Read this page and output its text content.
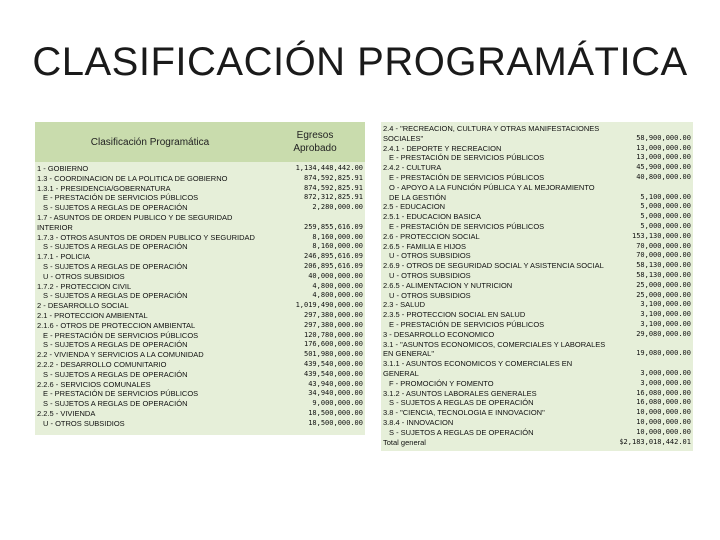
CLASIFICACIÓN PROGRAMÁTICA
Clasificación Programática
Egresos
Aprobado
1 - GOBIERNO	1,134,448,442.00
1.3 - COORDINACION DE LA POLITICA DE GOBIERNO	874,592,825.91
1.3.1 - PRESIDENCIA/GOBERNATURA	874,592,825.91
E - PRESTACIÓN DE SERVICIOS PÚBLICOS	872,312,825.91
S - SUJETOS A REGLAS DE OPERACIÓN	2,280,000.00
1.7 - ASUNTOS DE ORDEN PUBLICO Y DE SEGURIDAD
INTERIOR	259,855,616.09
1.7.3 - OTROS ASUNTOS DE ORDEN PUBLICO Y SEGURIDAD	8,160,000.00
S - SUJETOS A REGLAS DE OPERACIÓN	8,160,000.00
1.7.1 - POLICIA	246,895,616.09
S - SUJETOS A REGLAS DE OPERACIÓN	206,895,616.09
U - OTROS SUBSIDIOS	40,000,000.00
1.7.2 - PROTECCION CIVIL	4,800,000.00
S - SUJETOS A REGLAS DE OPERACIÓN	4,800,000.00
2 - DESARROLLO SOCIAL	1,019,490,000.00
2.1 - PROTECCION AMBIENTAL	297,380,000.00
2.1.6 - OTROS DE PROTECCION AMBIENTAL	297,380,000.00
E - PRESTACIÓN DE SERVICIOS PÚBLICOS	120,780,000.00
S - SUJETOS A REGLAS DE OPERACIÓN	176,600,000.00
2.2 - VIVIENDA Y SERVICIOS A LA COMUNIDAD	501,980,000.00
2.2.2 - DESARROLLO COMUNITARIO	439,540,000.00
S - SUJETOS A REGLAS DE OPERACIÓN	439,540,000.00
2.2.6 - SERVICIOS COMUNALES	43,940,000.00
E - PRESTACIÓN DE SERVICIOS PÚBLICOS	34,940,000.00
S - SUJETOS A REGLAS DE OPERACIÓN	9,000,000.00
2.2.5 - VIVIENDA	18,500,000.00
U - OTROS SUBSIDIOS	18,500,000.00
2.4 - "RECREACION, CULTURA Y OTRAS MANIFESTACIONES
SOCIALES"	58,900,000.00
2.4.1 - DEPORTE Y RECREACION	13,000,000.00
E - PRESTACIÓN DE SERVICIOS PÚBLICOS	13,000,000.00
2.4.2 - CULTURA	45,900,000.00
E - PRESTACIÓN DE SERVICIOS PÚBLICOS	40,800,000.00
O - APOYO A LA FUNCIÓN PÚBLICA Y AL MEJORAMIENTO
DE LA GESTIÓN	5,100,000.00
2.5 - EDUCACION	5,000,000.00
2.5.1 - EDUCACION BASICA	5,000,000.00
E - PRESTACIÓN DE SERVICIOS PÚBLICOS	5,000,000.00
2.6 - PROTECCION SOCIAL	153,130,000.00
2.6.5 - FAMILIA E HIJOS	70,000,000.00
U - OTROS SUBSIDIOS	70,000,000.00
2.6.9 - OTROS DE SEGURIDAD SOCIAL Y ASISTENCIA SOCIAL	58,130,000.00
U - OTROS SUBSIDIOS	58,130,000.00
2.6.5 - ALIMENTACION Y NUTRICION	25,000,000.00
U - OTROS SUBSIDIOS	25,000,000.00
2.3 - SALUD	3,100,000.00
2.3.5 - PROTECCION SOCIAL EN SALUD	3,100,000.00
E - PRESTACIÓN DE SERVICIOS PÚBLICOS	3,100,000.00
3 - DESARROLLO ECONOMICO	29,080,000.00
3.1 - "ASUNTOS ECONOMICOS, COMERCIALES Y LABORALES
EN GENERAL"	19,080,000.00
3.1.1 - ASUNTOS ECONOMICOS Y COMERCIALES EN
GENERAL	3,000,000.00
F - PROMOCIÓN Y FOMENTO	3,000,000.00
3.1.2 - ASUNTOS LABORALES GENERALES	16,080,000.00
S - SUJETOS A REGLAS DE OPERACIÓN	16,080,000.00
3.8 - "CIENCIA, TECNOLOGIA E INNOVACION"	10,000,000.00
3.8.4 - INNOVACION	10,000,000.00
S - SUJETOS A REGLAS DE OPERACIÓN	10,000,000.00
Total general	$2,183,018,442.01
